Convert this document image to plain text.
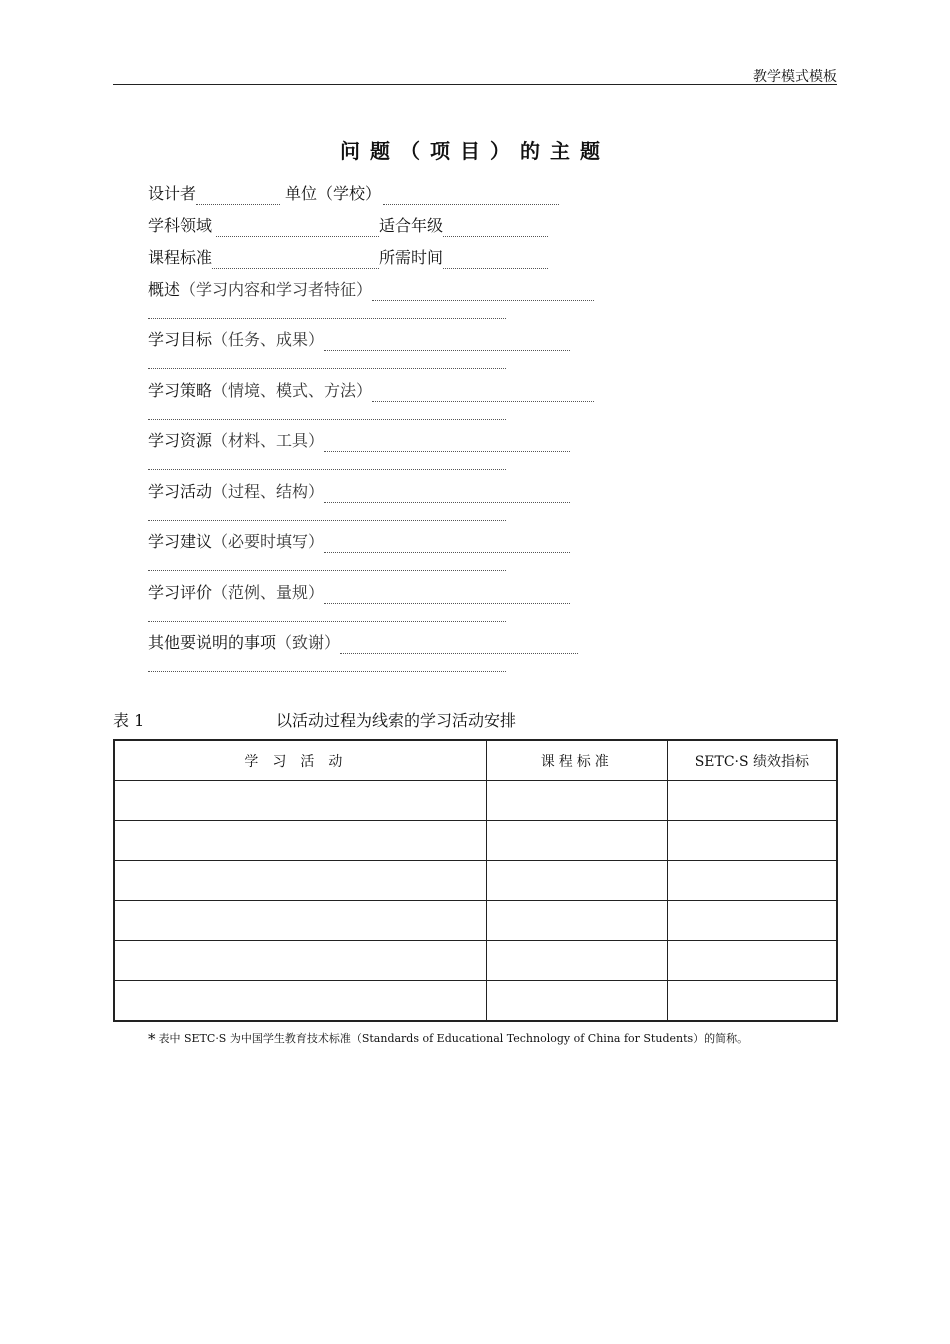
教学模式模板
问题（项目）的主题
设计者	单位（学校）
学科领域	适合年级
课程标准	所需时间
概述（学习内容和学习者特征）
学习目标（任务、成果）
学习策略（情境、模式、方法）
学习资源（材料、工具）
学习活动（过程、结构）
学习建议（必要时填写）
学习评价（范例、量规）
其他要说明的事项（致谢）
表 1	以活动过程为线索的学习活动安排
学习活动	课程标准	SETC·S 绩效指标

* 表中 SETC·S 为中国学生教育技术标准（Standards of Educational Technology of China for Students）的简称。
